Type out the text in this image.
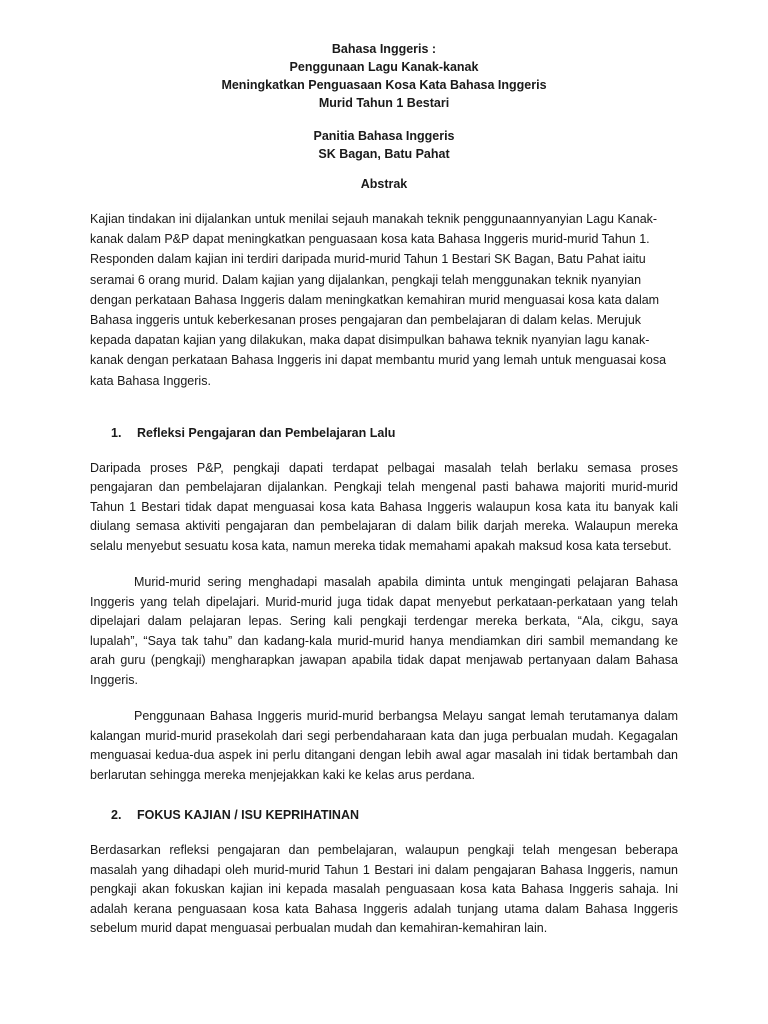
Bahasa Inggeris :
Penggunaan Lagu Kanak-kanak
Meningkatkan Penguasaan Kosa Kata Bahasa Inggeris
Murid Tahun 1 Bestari
Panitia Bahasa Inggeris
SK Bagan, Batu Pahat
Abstrak

Kajian tindakan ini dijalankan untuk menilai sejauh manakah teknik penggunaannyanyian Lagu Kanak-kanak dalam P&P dapat meningkatkan penguasaan kosa kata Bahasa Inggeris murid-murid Tahun 1. Responden dalam kajian ini terdiri daripada murid-murid Tahun 1 Bestari SK Bagan, Batu Pahat iaitu seramai 6 orang murid. Dalam kajian yang dijalankan, pengkaji telah menggunakan teknik nyanyian dengan perkataan Bahasa Inggeris dalam meningkatkan kemahiran murid menguasai kosa kata dalam Bahasa inggeris untuk keberkesanan proses pengajaran dan pembelajaran di dalam kelas. Merujuk kepada dapatan kajian yang dilakukan, maka dapat disimpulkan bahawa teknik nyanyian lagu kanak-kanak dengan perkataan Bahasa Inggeris ini dapat membantu murid yang lemah untuk menguasai kosa kata Bahasa Inggeris.

1.	Refleksi Pengajaran dan Pembelajaran Lalu

Daripada proses P&P, pengkaji dapati terdapat pelbagai masalah telah berlaku semasa proses pengajaran dan pembelajaran dijalankan. Pengkaji telah mengenal pasti bahawa majoriti murid-murid Tahun 1 Bestari tidak dapat menguasai kosa kata Bahasa Inggeris walaupun kosa kata itu banyak kali diulang semasa aktiviti pengajaran dan pembelajaran di dalam bilik darjah mereka. Walaupun mereka selalu menyebut sesuatu kosa kata, namun mereka tidak memahami apakah maksud kosa kata tersebut.

Murid-murid sering menghadapi masalah apabila diminta untuk mengingati pelajaran Bahasa Inggeris yang telah dipelajari. Murid-murid juga tidak dapat menyebut perkataan-perkataan yang telah dipelajari dalam pelajaran lepas. Sering kali pengkaji terdengar mereka berkata, “Ala, cikgu, saya lupalah”, “Saya tak tahu” dan kadang-kala murid-murid hanya mendiamkan diri sambil memandang ke arah guru (pengkaji) mengharapkan jawapan apabila tidak dapat menjawab pertanyaan dalam Bahasa Inggeris.

Penggunaan Bahasa Inggeris murid-murid berbangsa Melayu sangat lemah terutamanya dalam kalangan murid-murid prasekolah dari segi perbendaharaan kata dan juga perbualan mudah. Kegagalan menguasai kedua-dua aspek ini perlu ditangani dengan lebih awal agar masalah ini tidak bertambah dan berlarutan sehingga mereka menjejakkan kaki ke kelas arus perdana.

2.	FOKUS KAJIAN / ISU KEPRIHATINAN

Berdasarkan refleksi pengajaran dan pembelajaran, walaupun pengkaji telah mengesan beberapa masalah yang dihadapi oleh murid-murid Tahun 1 Bestari ini dalam pengajaran Bahasa Inggeris, namun pengkaji akan fokuskan kajian ini kepada masalah penguasaan kosa kata Bahasa Inggeris sahaja. Ini adalah kerana penguasaan kosa kata Bahasa Inggeris adalah tunjang utama dalam Bahasa Inggeris sebelum murid dapat menguasai perbualan mudah dan kemahiran-kemahiran lain.
